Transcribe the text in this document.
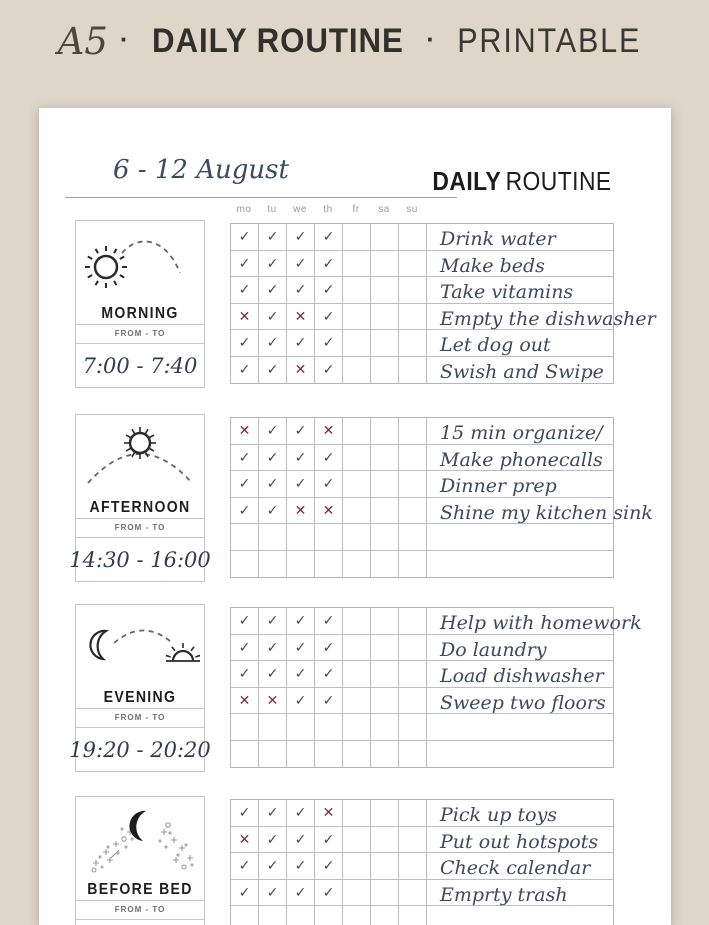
A5 · DAILY ROUTINE · PRINTABLE
6 - 12 August	DAILY ROUTINE
mo	tu	we	th	fr	sa	su
MORNING
FROM - TO
7:00 - 7:40
✓	✓	✓	✓	Drink water
✓	✓	✓	✓	Make beds
✓	✓	✓	✓	Take vitamins
✕	✓	✕	✓	Empty the dishwasher
✓	✓	✓	✓	Let dog out
✓	✓	✕	✓	Swish and Swipe
AFTERNOON
FROM - TO
14:30 - 16:00
✕	✓	✓	✕	15 min organize/
✓	✓	✓	✓	Make phonecalls
✓	✓	✓	✓	Dinner prep
✓	✓	✕	✕	Shine my kitchen sink
EVENING
FROM - TO
19:20 - 20:20
✓	✓	✓	✓	Help with homework
✓	✓	✓	✓	Do laundry
✓	✓	✓	✓	Load dishwasher
✕	✕	✓	✓	Sweep two floors
BEFORE BED
FROM - TO
✓	✓	✓	✕	Pick up toys
✕	✓	✓	✓	Put out hotspots
✓	✓	✓	✓	Check calendar
✓	✓	✓	✓	Emprty trash
